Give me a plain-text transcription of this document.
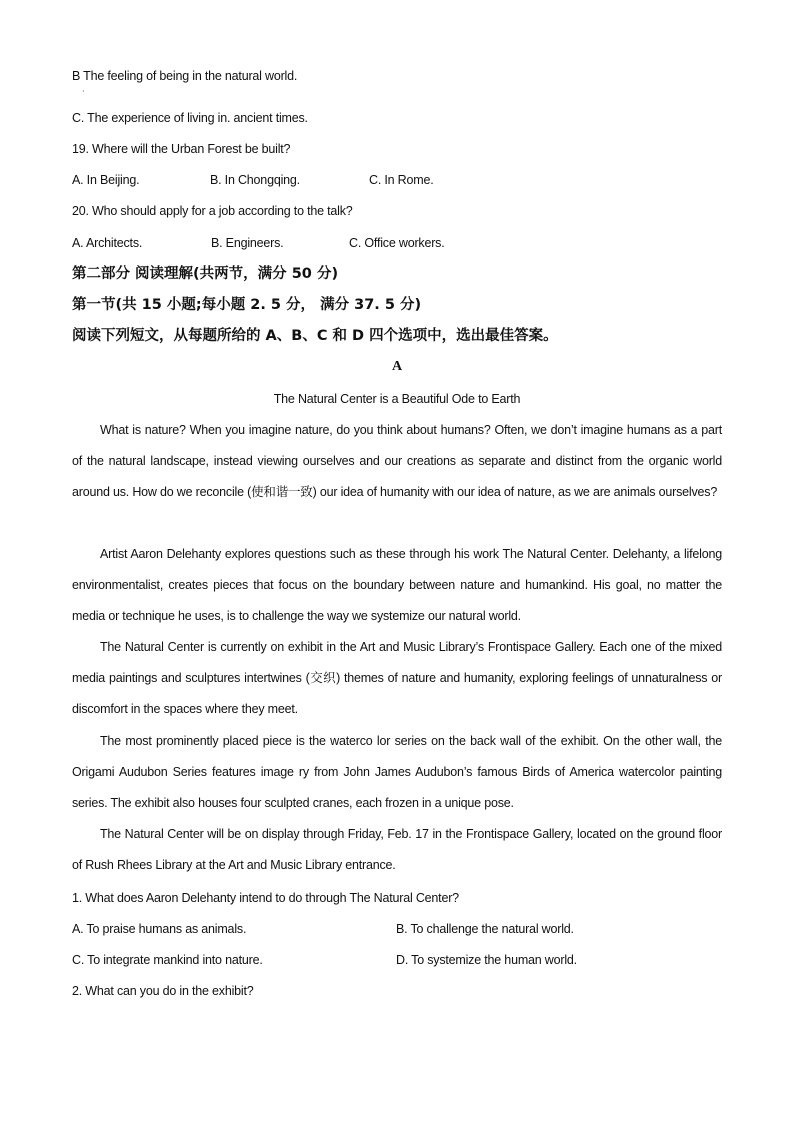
B The feeling of being in the natural world.
·
C. The experience of living in. ancient times.
19. Where will the Urban Forest be built?
A. In Beijing.	B. In Chongqing.	C. In Rome.
20. Who should apply for a job according to the talk?
A. Architects.	B. Engineers.	C. Office workers.
第二部分 阅读理解(共两节，满分 50 分)
第一节(共 15 小题;每小题 2. 5 分， 满分 37. 5 分)
阅读下列短文，从每题所给的 A、B、C 和 D 四个选项中，选出最佳答案。
A
The Natural Center is a Beautiful Ode to Earth

What is nature? When you imagine nature, do you think about humans? Often, we don’t imagine humans as a part of the natural landscape, instead viewing ourselves and our creations as separate and distinct from the organic world around us. How do we reconcile (使和谐一致) our idea of humanity with our idea of nature, as we are animals ourselves?

Artist Aaron Delehanty explores questions such as these through his work The Natural Center. Delehanty, a lifelong environmentalist, creates pieces that focus on the boundary between nature and humankind. His goal, no matter the media or technique he uses, is to challenge the way we systemize our natural world.

The Natural Center is currently on exhibit in the Art and Music Library’s Frontispace Gallery. Each one of the mixed media paintings and sculptures intertwines (交织) themes of nature and humanity, exploring feelings of unnaturalness or discomfort in the spaces where they meet.

The most prominently placed piece is the waterco lor series on the back wall of the exhibit. On the other wall, the Origami Audubon Series features image ry from John James Audubon’s famous Birds of America watercolor painting series. The exhibit also houses four sculpted cranes, each frozen in a unique pose.

The Natural Center will be on display through Friday, Feb. 17 in the Frontispace Gallery, located on the ground floor of Rush Rhees Library at the Art and Music Library entrance.

1. What does Aaron Delehanty intend to do through The Natural Center?
A. To praise humans as animals.	B. To challenge the natural world.
C. To integrate mankind into nature.	D. To systemize the human world.
2. What can you do in the exhibit?
